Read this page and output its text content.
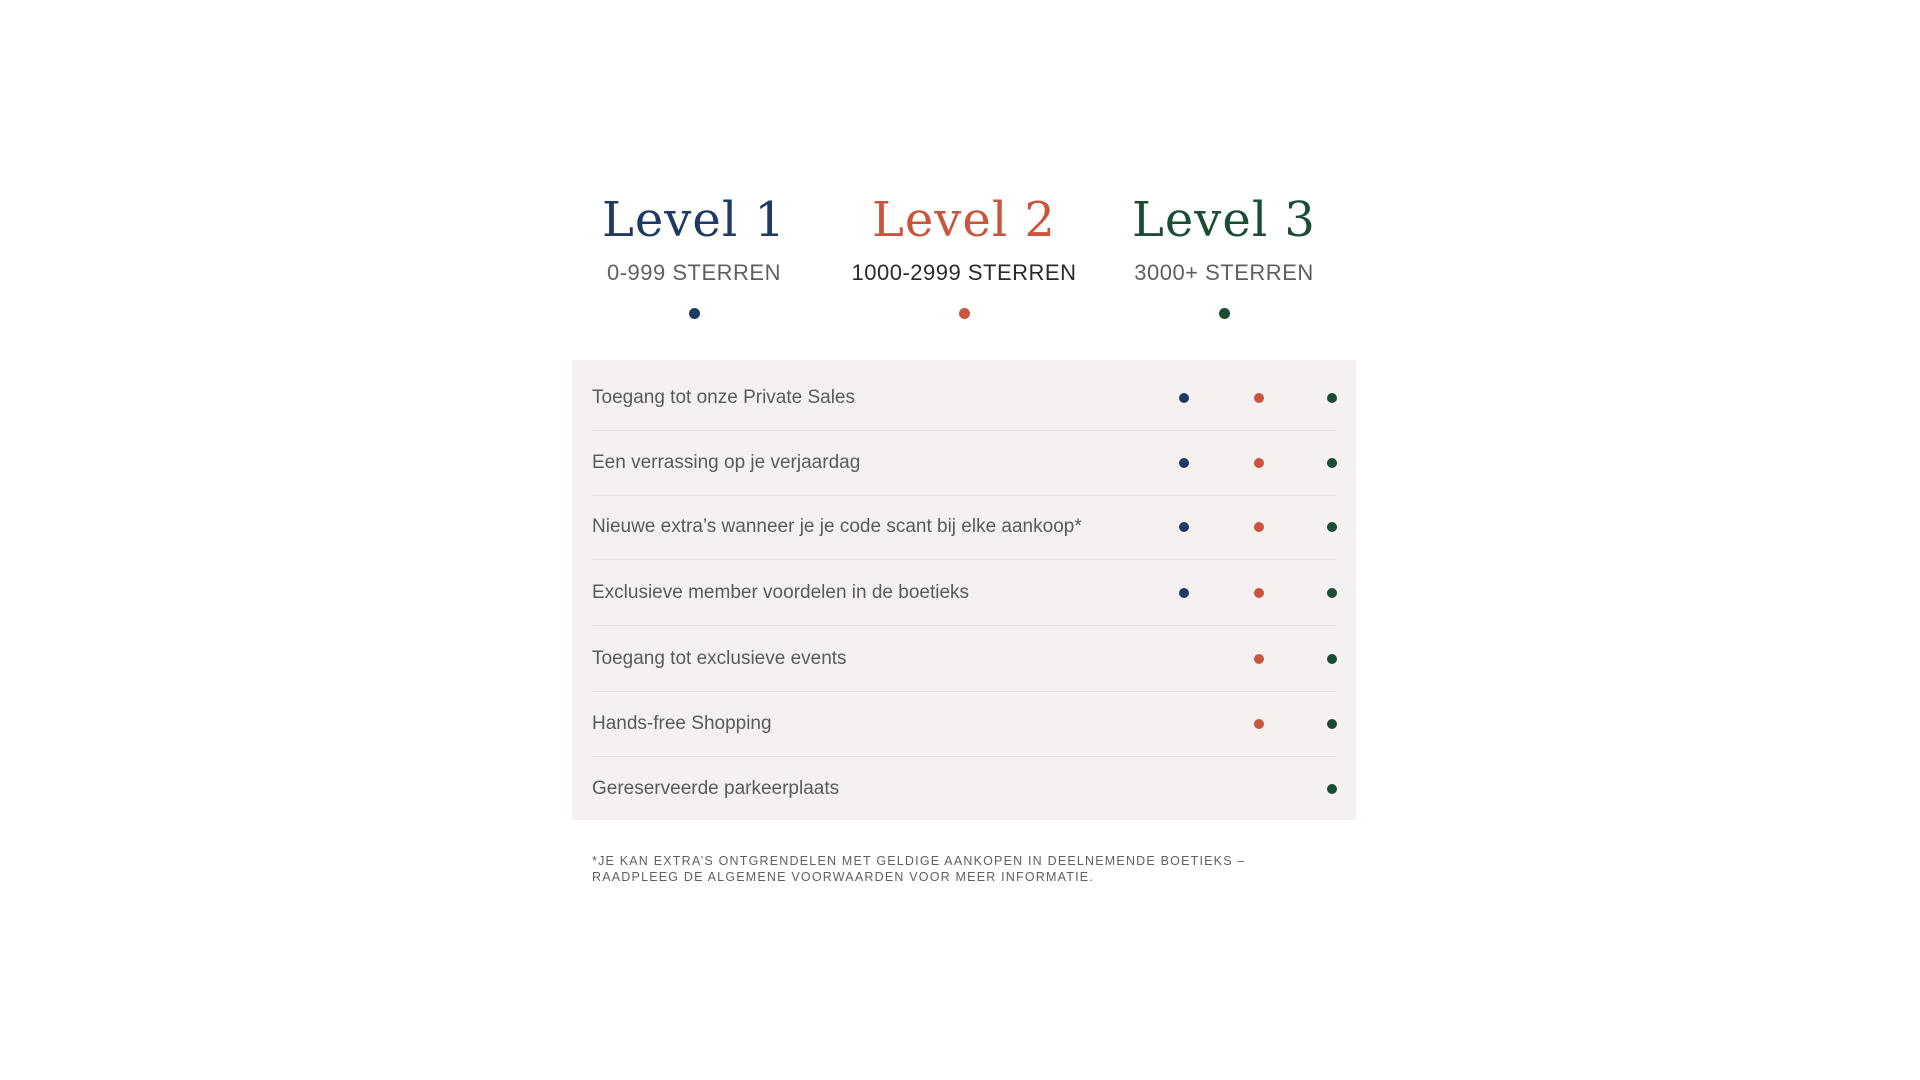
Level 1
0-999 STERREN
Level 2
1000-2999 STERREN
Level 3
3000+ STERREN
Toegang tot onze Private Sales
Een verrassing op je verjaardag
Nieuwe extra’s wanneer je je code scant bij elke aankoop*
Exclusieve member voordelen in de boetieks
Toegang tot exclusieve events
Hands-free Shopping
Gereserveerde parkeerplaats
*JE KAN EXTRA’S ONTGRENDELEN MET GELDIGE AANKOPEN IN DEELNEMENDE BOETIEKS –
RAADPLEEG DE ALGEMENE VOORWAARDEN VOOR MEER INFORMATIE.
